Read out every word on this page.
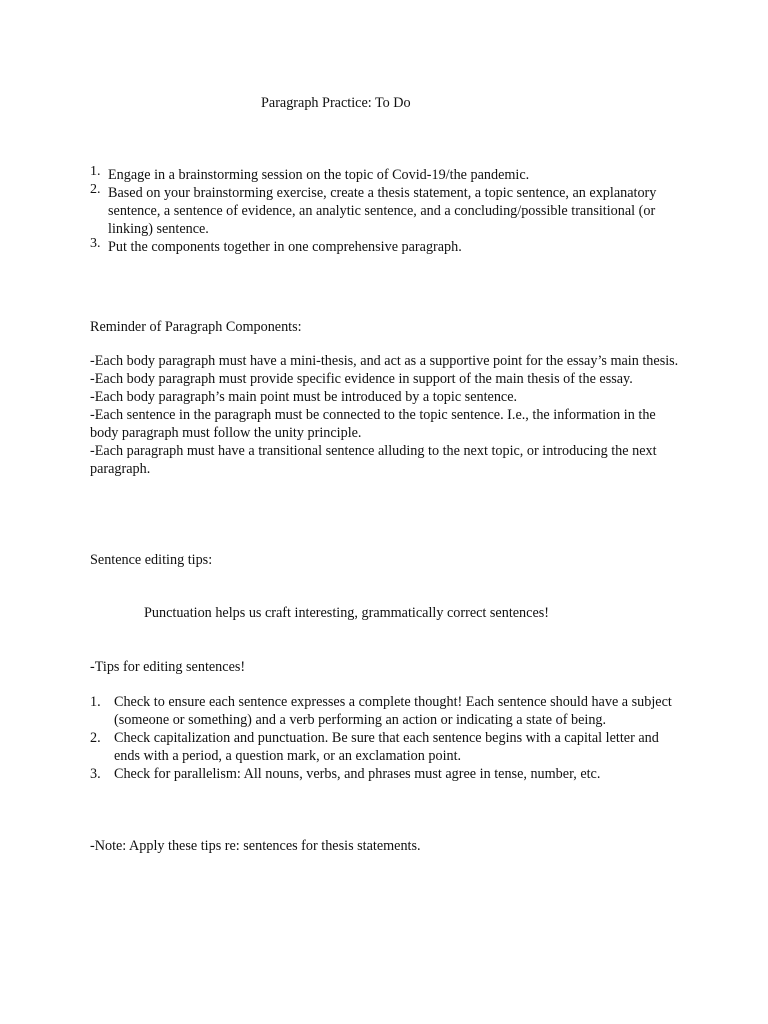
Paragraph Practice: To Do
1. Engage in a brainstorming session on the topic of Covid-19/the pandemic.
2. Based on your brainstorming exercise, create a thesis statement, a topic sentence, an explanatory sentence, a sentence of evidence, an analytic sentence, and a concluding/possible transitional (or linking) sentence.
3. Put the components together in one comprehensive paragraph.
Reminder of Paragraph Components:

-Each body paragraph must have a mini-thesis, and act as a supportive point for the essay’s main thesis.

-Each body paragraph must provide specific evidence in support of the main thesis of the essay.

-Each body paragraph’s main point must be introduced by a topic sentence.

-Each sentence in the paragraph must be connected to the topic sentence. I.e., the information in the body paragraph must follow the unity principle.

-Each paragraph must have a transitional sentence alluding to the next topic, or introducing the next paragraph.

Sentence editing tips:
Punctuation helps us craft interesting, grammatically correct sentences!
-Tips for editing sentences!
1. Check to ensure each sentence expresses a complete thought! Each sentence should have a subject (someone or something) and a verb performing an action or indicating a state of being.
2. Check capitalization and punctuation. Be sure that each sentence begins with a capital letter and ends with a period, a question mark, or an exclamation point.
3. Check for parallelism: All nouns, verbs, and phrases must agree in tense, number, etc.
-Note: Apply these tips re: sentences for thesis statements.
